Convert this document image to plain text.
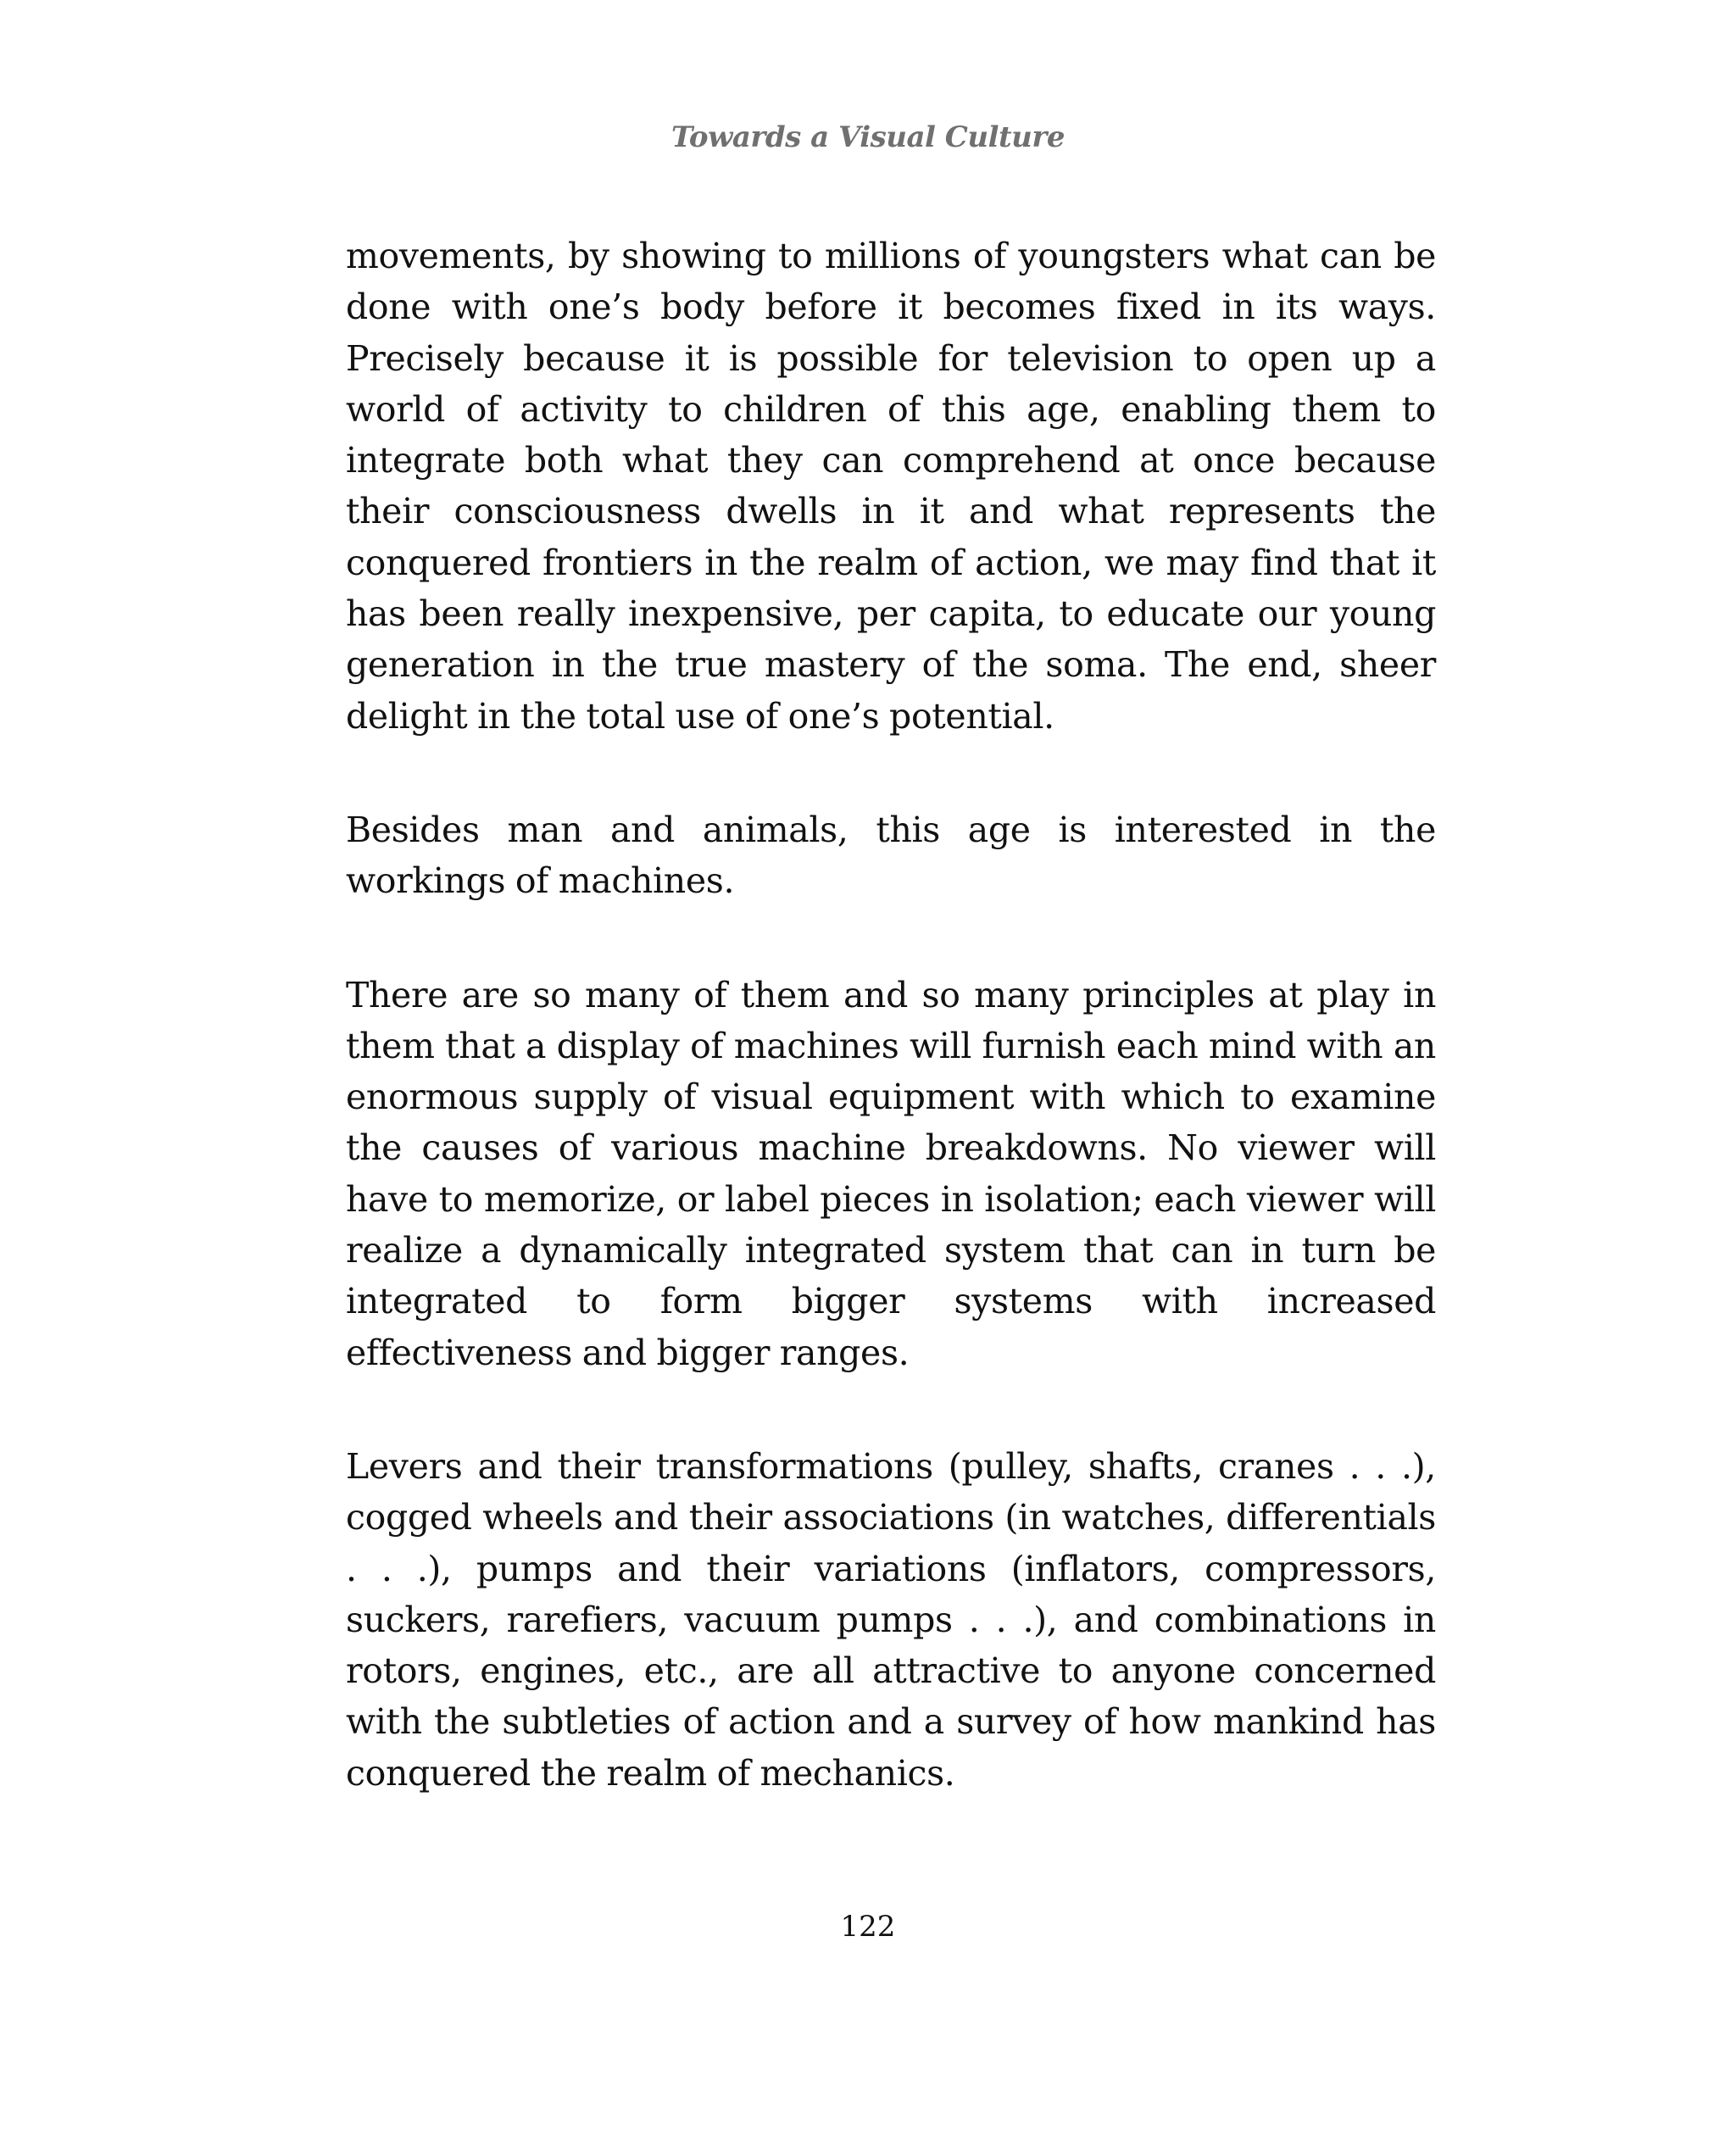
Towards a Visual Culture

movements, by showing to millions of youngsters what can be done with one’s body before it becomes fixed in its ways. Precisely because it is possible for television to open up a world of activity to children of this age, enabling them to integrate both what they can comprehend at once because their consciousness dwells in it and what represents the conquered frontiers in the realm of action, we may find that it has been really inexpensive, per capita, to educate our young generation in the true mastery of the soma. The end, sheer delight in the total use of one’s potential.

Besides man and animals, this age is interested in the workings of machines.

There are so many of them and so many principles at play in them that a display of machines will furnish each mind with an enormous supply of visual equipment with which to examine the causes of various machine breakdowns. No viewer will have to memorize, or label pieces in isolation; each viewer will realize a dynamically integrated system that can in turn be integrated to form bigger systems with increased effectiveness and bigger ranges.

Levers and their transformations (pulley, shafts, cranes . . .), cogged wheels and their associations (in watches, differentials . . .), pumps and their variations (inflators, compressors, suckers, rarefiers, vacuum pumps . . .), and combinations in rotors, engines, etc., are all attractive to anyone concerned with the subtleties of action and a survey of how mankind has conquered the realm of mechanics.

122
